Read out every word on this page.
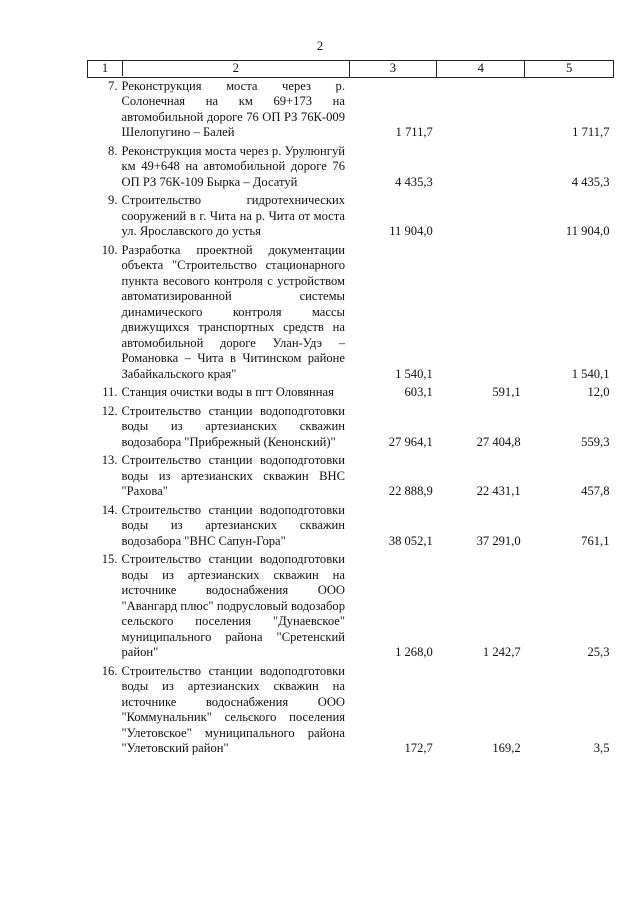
2
1 2	3	4	5

7. Реконструкция моста через р. Солонечная на км 69+173 на автомобильной дороге 76 ОП РЗ 76К-009 Шелопугино – Балей	1 711,7		1 711,7

8. Реконструкция моста через р. Урулюнгуй км 49+648 на автомобильной дороге 76 ОП РЗ 76К-109 Бырка – Досатуй	4 435,3		4 435,3

9. Строительство гидротехнических сооружений в г. Чита на р. Чита от моста ул. Ярославского до устья	11 904,0		11 904,0

10. Разработка проектной документации объекта "Строительство стационарного пункта весового контроля с устройством автоматизированной системы динамического контроля массы движущихся транспортных средств на автомобильной дороге Улан-Удэ – Романовка – Чита в Читинском районе Забайкальского края"	1 540,1		1 540,1

11. Станция очистки воды в пгт Оловянная	603,1	591,1	12,0

12. Строительство станции водоподготовки воды из артезианских скважин водозабора "Прибрежный (Кенонский)"	27 964,1	27 404,8	559,3

13. Строительство станции водоподготовки воды из артезианских скважин ВНС "Рахова"	22 888,9	22 431,1	457,8

14. Строительство станции водоподготовки воды из артезианских скважин водозабора "ВНС Сапун-Гора"	38 052,1	37 291,0	761,1

15. Строительство станции водоподготовки воды из артезианских скважин на источнике водоснабжения ООО "Авангард плюс" подрусловый водозабор сельского поселения "Дунаевское" муниципального района "Сретенский район"	1 268,0	1 242,7	25,3

16. Строительство станции водоподготовки воды из артезианских скважин на источнике водоснабжения ООО "Коммунальник" сельского поселения "Улетовское" муниципального района "Улетовский район"	172,7	169,2	3,5
